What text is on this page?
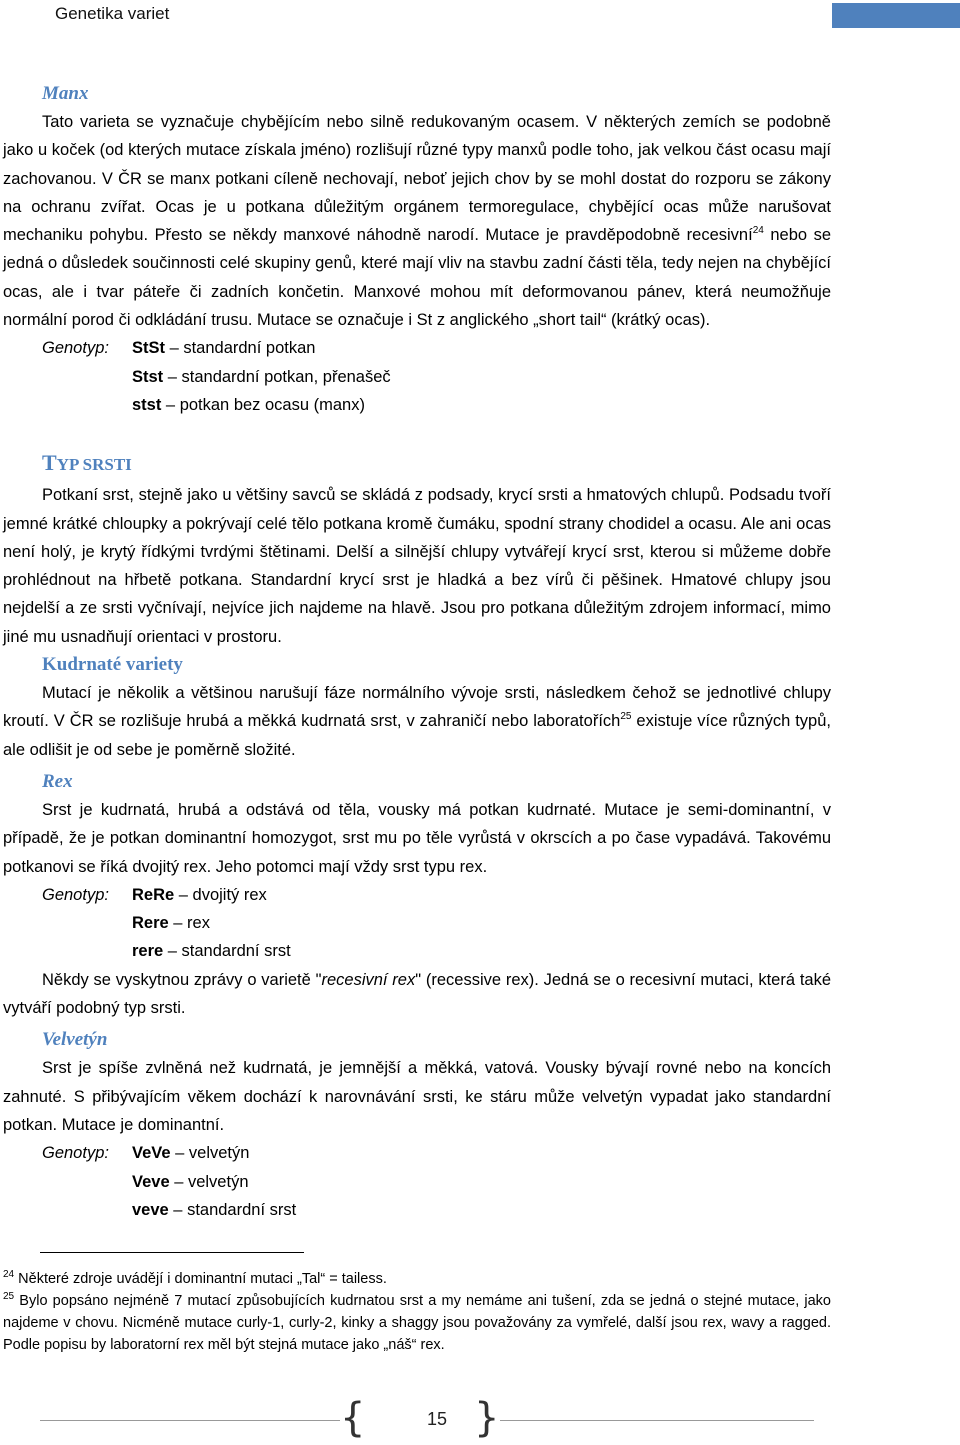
Genetika variet
Manx

Tato varieta se vyznačuje chybějícím nebo silně redukovaným ocasem. V některých zemích se podobně jako u koček (od kterých mutace získala jméno) rozlišují různé typy manxů podle toho, jak velkou část ocasu mají zachovanou. V ČR se manx potkani cíleně nechovají, neboť jejich chov by se mohl dostat do rozporu se zákony na ochranu zvířat. Ocas je u potkana důležitým orgánem termoregulace, chybějící ocas může narušovat mechaniku pohybu. Přesto se někdy manxové náhodně narodí. Mutace je pravděpodobně recesivní$^{24}$ nebo se jedná o důsledek součinnosti celé skupiny genů, které mají vliv na stavbu zadní části těla, tedy nejen na chybějící ocas, ale i tvar páteře či zadních končetin. Manxové mohou mít deformovanou pánev, která neumožňuje normální porod či odkládání trusu. Mutace se označuje i St z anglického „short tail“ (krátký ocas).

Genotyp: StSt – standardní potkan
Stst – standardní potkan, přenašeč
stst – potkan bez ocasu (manx)
TYP SRSTI

Potkaní srst, stejně jako u většiny savců se skládá z podsady, krycí srsti a hmatových chlupů. Podsadu tvoří jemné krátké chloupky a pokrývají celé tělo potkana kromě čumáku, spodní strany chodidel a ocasu. Ale ani ocas není holý, je krytý řídkými tvrdými štětinami. Delší a silnější chlupy vytvářejí krycí srst, kterou si můžeme dobře prohlédnout na hřbetě potkana. Standardní krycí srst je hladká a bez vírů či pěšinek. Hmatové chlupy jsou nejdelší a ze srsti vyčnívají, nejvíce jich najdeme na hlavě. Jsou pro potkana důležitým zdrojem informací, mimo jiné mu usnadňují orientaci v prostoru.

Kudrnaté variety

Mutací je několik a většinou narušují fáze normálního vývoje srsti, následkem čehož se jednotlivé chlupy kroutí. V ČR se rozlišuje hrubá a měkká kudrnatá srst, v zahraničí nebo laboratořích$^{25}$ existuje více různých typů, ale odlišit je od sebe je poměrně složité.

Rex

Srst je kudrnatá, hrubá a odstává od těla, vousky má potkan kudrnaté. Mutace je semi-dominantní, v případě, že je potkan dominantní homozygot, srst mu po těle vyrůstá v okrscích a po čase vypadává. Takovému potkanovi se říká dvojitý rex. Jeho potomci mají vždy srst typu rex.

Genotyp: ReRe – dvojitý rex
Rere – rex
rere – standardní srst

Někdy se vyskytnou zprávy o varietě "recesivní rex" (recessive rex). Jedná se o recesivní mutaci, která také vytváří podobný typ srsti.

Velvetýn

Srst je spíše zvlněná než kudrnatá, je jemnější a měkká, vatová. Vousky bývají rovné nebo na koncích zahnuté. S přibývajícím věkem dochází k narovnávání srsti, ke stáru může velvetýn vypadat jako standardní potkan. Mutace je dominantní.

Genotyp: VeVe – velvetýn
Veve – velvetýn
veve – standardní srst

$^{24}$ Některé zdroje uvádějí i dominantní mutaci „Tal“ = tailess.

$^{25}$ Bylo popsáno nejméně 7 mutací způsobujících kudrnatou srst a my nemáme ani tušení, zda se jedná o stejné mutace, jako najdeme v chovu. Nicméně mutace curly-1, curly-2, kinky a shaggy jsou považovány za vymřelé, další jsou rex, wavy a ragged. Podle popisu by laboratorní rex měl být stejná mutace jako „náš“ rex.

{	}
15
